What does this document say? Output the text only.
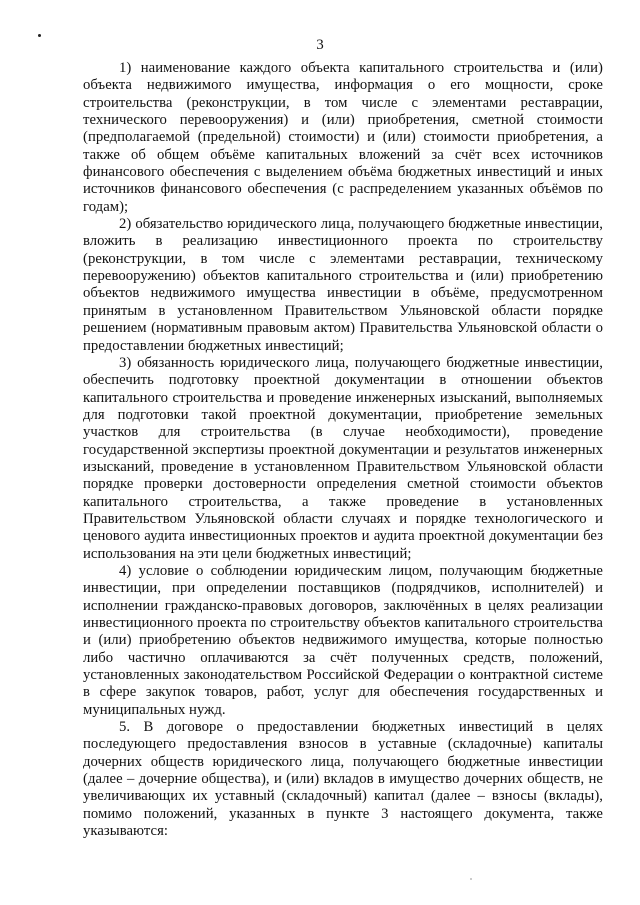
3

1) наименование каждого объекта капитального строительства и (или) объекта недвижимого имущества, информация о его мощности, сроке строительства (реконструкции, в том числе с элементами реставрации, технического перевооружения) и (или) приобретения, сметной стоимости (предполагаемой (предельной) стоимости) и (или) стоимости приобретения, а также об общем объёме капитальных вложений за счёт всех источников финансового обеспечения с выделением объёма бюджетных инвестиций и иных источников финансового обеспечения (с распределением указанных объёмов по годам);

2) обязательство юридического лица, получающего бюджетные инвестиции, вложить в реализацию инвестиционного проекта по строительству (реконструкции, в том числе с элементами реставрации, техническому перевооружению) объектов капитального строительства и (или) приобретению объектов недвижимого имущества инвестиции в объёме, предусмотренном принятым в установленном Правительством Ульяновской области порядке решением (нормативным правовым актом) Правительства Ульяновской области о предоставлении бюджетных инвестиций;

3) обязанность юридического лица, получающего бюджетные инвестиции, обеспечить подготовку проектной документации в отношении объектов капитального строительства и проведение инженерных изысканий, выполняемых для подготовки такой проектной документации, приобретение земельных участков для строительства (в случае необходимости), проведение государственной экспертизы проектной документации и результатов инженерных изысканий, проведение в установленном Правительством Ульяновской области порядке проверки достоверности определения сметной стоимости объектов капитального строительства, а также проведение в установленных Правительством Ульяновской области случаях и порядке технологического и ценового аудита инвестиционных проектов и аудита проектной документации без использования на эти цели бюджетных инвестиций;

4) условие о соблюдении юридическим лицом, получающим бюджетные инвестиции, при определении поставщиков (подрядчиков, исполнителей) и исполнении гражданско-правовых договоров, заключённых в целях реализации инвестиционного проекта по строительству объектов капитального строительства и (или) приобретению объектов недвижимого имущества, которые полностью либо частично оплачиваются за счёт полученных средств, положений, установленных законодательством Российской Федерации о контрактной системе в сфере закупок товаров, работ, услуг для обеспечения государственных и муниципальных нужд.

5. В договоре о предоставлении бюджетных инвестиций в целях последующего предоставления взносов в уставные (складочные) капиталы дочерних обществ юридического лица, получающего бюджетные инвестиции (далее – дочерние общества), и (или) вкладов в имущество дочерних обществ, не увеличивающих их уставный (складочный) капитал (далее – взносы (вклады), помимо положений, указанных в пункте 3 настоящего документа, также указываются:
